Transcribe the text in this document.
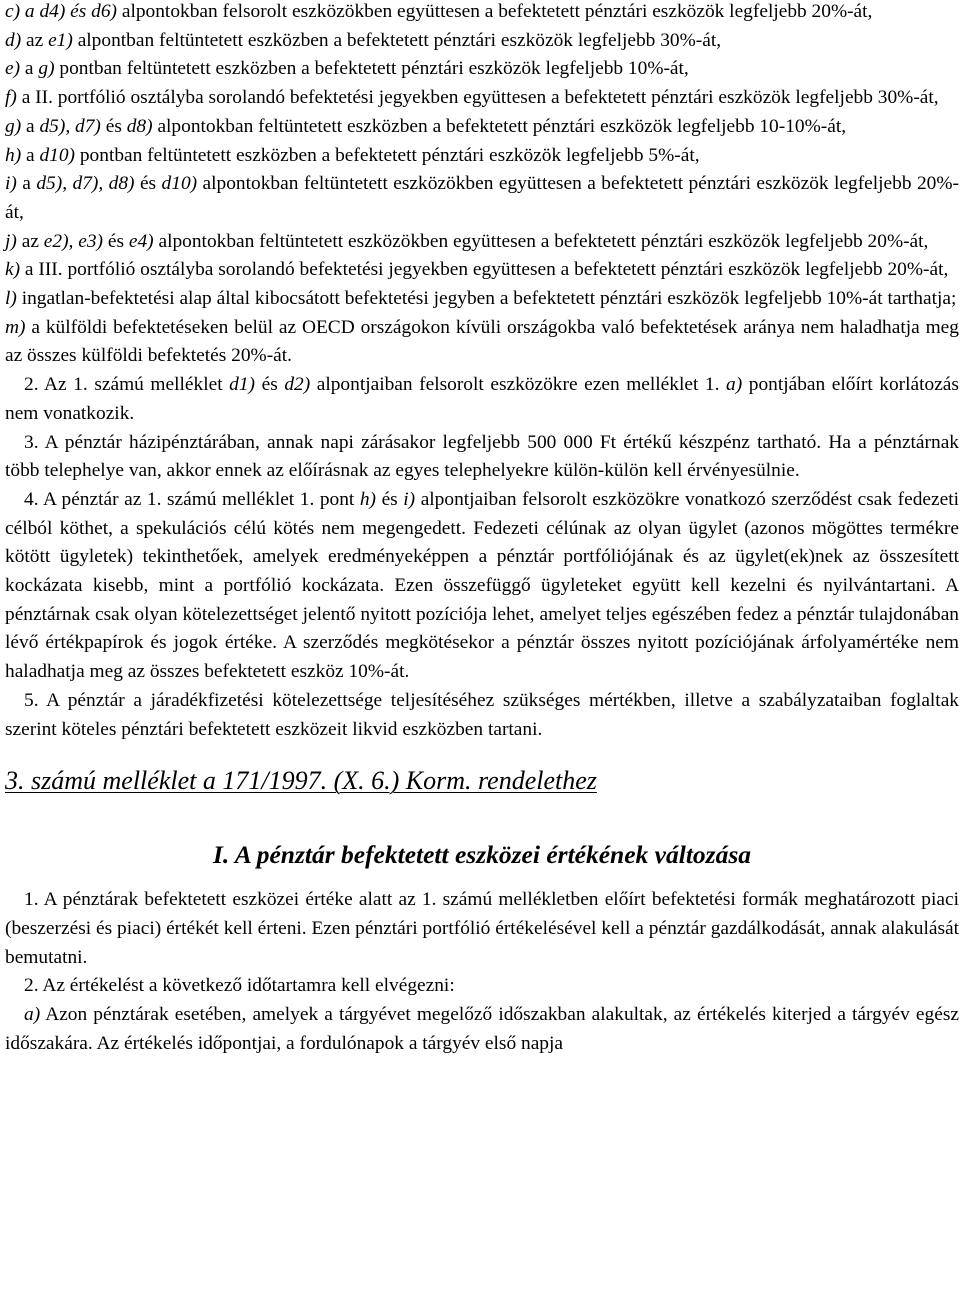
c) a d4) és d6) alpontokban felsorolt eszközökben együttesen a befektetett pénztári eszközök legfeljebb 20%-át,

d) az e1) alpontban feltüntetett eszközben a befektetett pénztári eszközök legfeljebb 30%-át,

e) a g) pontban feltüntetett eszközben a befektetett pénztári eszközök legfeljebb 10%-át,

f) a II. portfólió osztályba sorolandó befektetési jegyekben együttesen a befektetett pénztári eszközök legfeljebb 30%-át,

g) a d5), d7) és d8) alpontokban feltüntetett eszközben a befektetett pénztári eszközök legfeljebb 10-10%-át,

h) a d10) pontban feltüntetett eszközben a befektetett pénztári eszközök legfeljebb 5%-át,

i) a d5), d7), d8) és d10) alpontokban feltüntetett eszközökben együttesen a befektetett pénztári eszközök legfeljebb 20%-át,

j) az e2), e3) és e4) alpontokban feltüntetett eszközökben együttesen a befektetett pénztári eszközök legfeljebb 20%-át,

k) a III. portfólió osztályba sorolandó befektetési jegyekben együttesen a befektetett pénztári eszközök legfeljebb 20%-át,

l) ingatlan-befektetési alap által kibocsátott befektetési jegyben a befektetett pénztári eszközök legfeljebb 10%-át tarthatja;

m) a külföldi befektetéseken belül az OECD országokon kívüli országokba való befektetések aránya nem haladhatja meg az összes külföldi befektetés 20%-át.

2. Az 1. számú melléklet d1) és d2) alpontjaiban felsorolt eszközökre ezen melléklet 1. a) pontjában előírt korlátozás nem vonatkozik.

3. A pénztár házipénztárában, annak napi zárásakor legfeljebb 500 000 Ft értékű készpénz tartható. Ha a pénztárnak több telephelye van, akkor ennek az előírásnak az egyes telephelyekre külön-külön kell érvényesülnie.

4. A pénztár az 1. számú melléklet 1. pont h) és i) alpontjaiban felsorolt eszközökre vonatkozó szerződést csak fedezeti célból köthet, a spekulációs célú kötés nem megengedett. Fedezeti célúnak az olyan ügylet (azonos mögöttes termékre kötött ügyletek) tekinthetőek, amelyek eredményeképpen a pénztár portfóliójának és az ügylet(ek)nek az összesített kockázata kisebb, mint a portfólió kockázata. Ezen összefüggő ügyleteket együtt kell kezelni és nyilvántartani. A pénztárnak csak olyan kötelezettséget jelentő nyitott pozíciója lehet, amelyet teljes egészében fedez a pénztár tulajdonában lévő értékpapírok és jogok értéke. A szerződés megkötésekor a pénztár összes nyitott pozíciójának árfolyamértéke nem haladhatja meg az összes befektetett eszköz 10%-át.

5. A pénztár a járadékfizetési kötelezettsége teljesítéséhez szükséges mértékben, illetve a szabályzataiban foglaltak szerint köteles pénztári befektetett eszközeit likvid eszközben tartani.

3. számú melléklet a 171/1997. (X. 6.) Korm. rendelethez

I. A pénztár befektetett eszközei értékének változása

1. A pénztárak befektetett eszközei értéke alatt az 1. számú mellékletben előírt befektetési formák meghatározott piaci (beszerzési és piaci) értékét kell érteni. Ezen pénztári portfólió értékelésével kell a pénztár gazdálkodását, annak alakulását bemutatni.

2. Az értékelést a következő időtartamra kell elvégezni:

a) Azon pénztárak esetében, amelyek a tárgyévet megelőző időszakban alakultak, az értékelés kiterjed a tárgyév egész időszakára. Az értékelés időpontjai, a fordulónapok a tárgyév első napja
